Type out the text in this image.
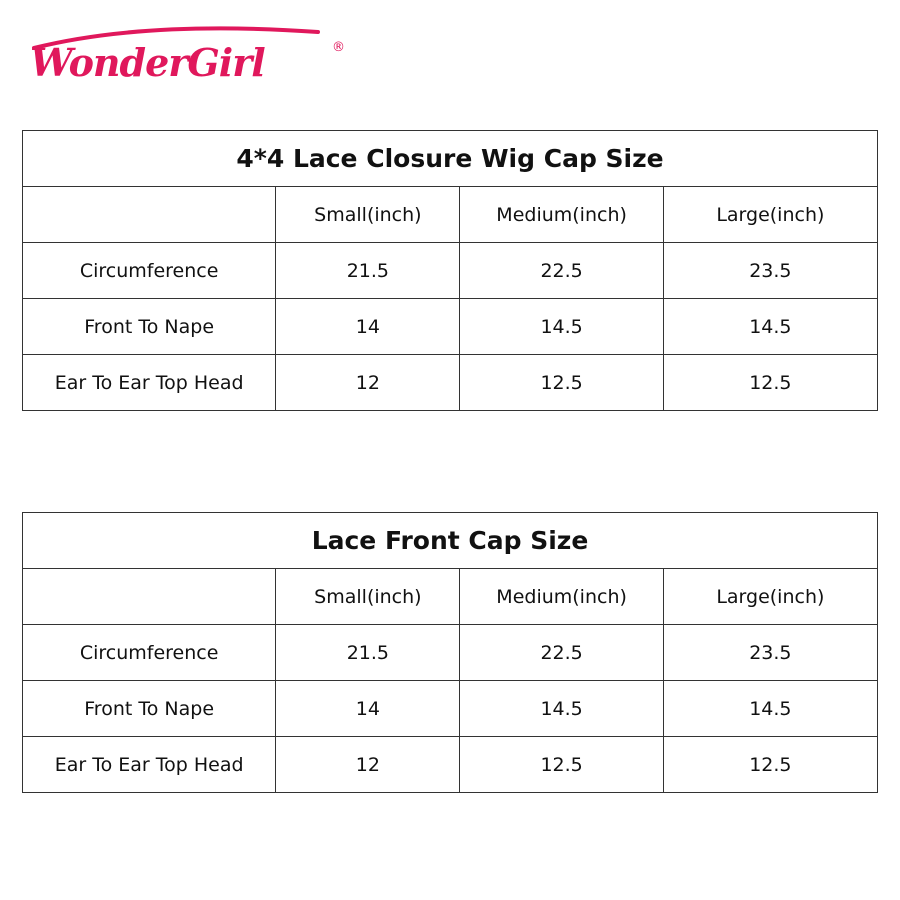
WonderGirl	®
4*4 Lace Closure Wig Cap Size			
	Small(inch)	Medium(inch)	Large(inch)
Circumference	21.5	22.5	23.5
Front To Nape	14	14.5	14.5
Ear To Ear Top Head	12	12.5	12.5
Lace Front Cap Size			
	Small(inch)	Medium(inch)	Large(inch)
Circumference	21.5	22.5	23.5
Front To Nape	14	14.5	14.5
Ear To Ear Top Head	12	12.5	12.5
